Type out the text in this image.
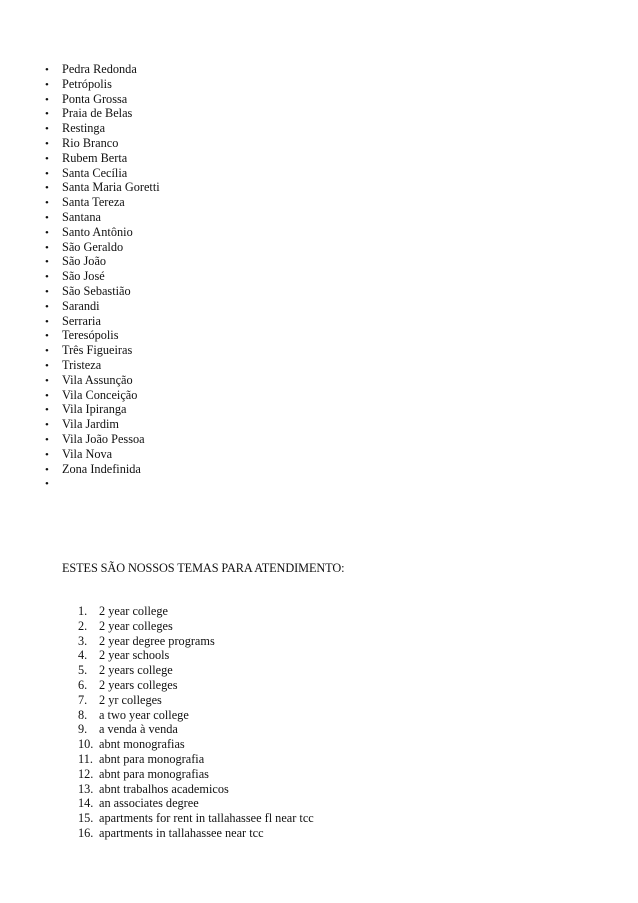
• Pedra Redonda
• Petrópolis
• Ponta Grossa
• Praia de Belas
• Restinga
• Rio Branco
• Rubem Berta
• Santa Cecília
• Santa Maria Goretti
• Santa Tereza
• Santana
• Santo Antônio
• São Geraldo
• São João
• São José
• São Sebastião
• Sarandi
• Serraria
• Teresópolis
• Três Figueiras
• Tristeza
• Vila Assunção
• Vila Conceição
• Vila Ipiranga
• Vila Jardim
• Vila João Pessoa
• Vila Nova
• Zona Indefinida
•
ESTES SÃO NOSSOS TEMAS PARA ATENDIMENTO:
1. 2 year college
2. 2 year colleges
3. 2 year degree programs
4. 2 year schools
5. 2 years college
6. 2 years colleges
7. 2 yr colleges
8. a two year college
9. a venda à venda
10. abnt monografias
11. abnt para monografia
12. abnt para monografias
13. abnt trabalhos academicos
14. an associates degree
15. apartments for rent in tallahassee fl near tcc
16. apartments in tallahassee near tcc
